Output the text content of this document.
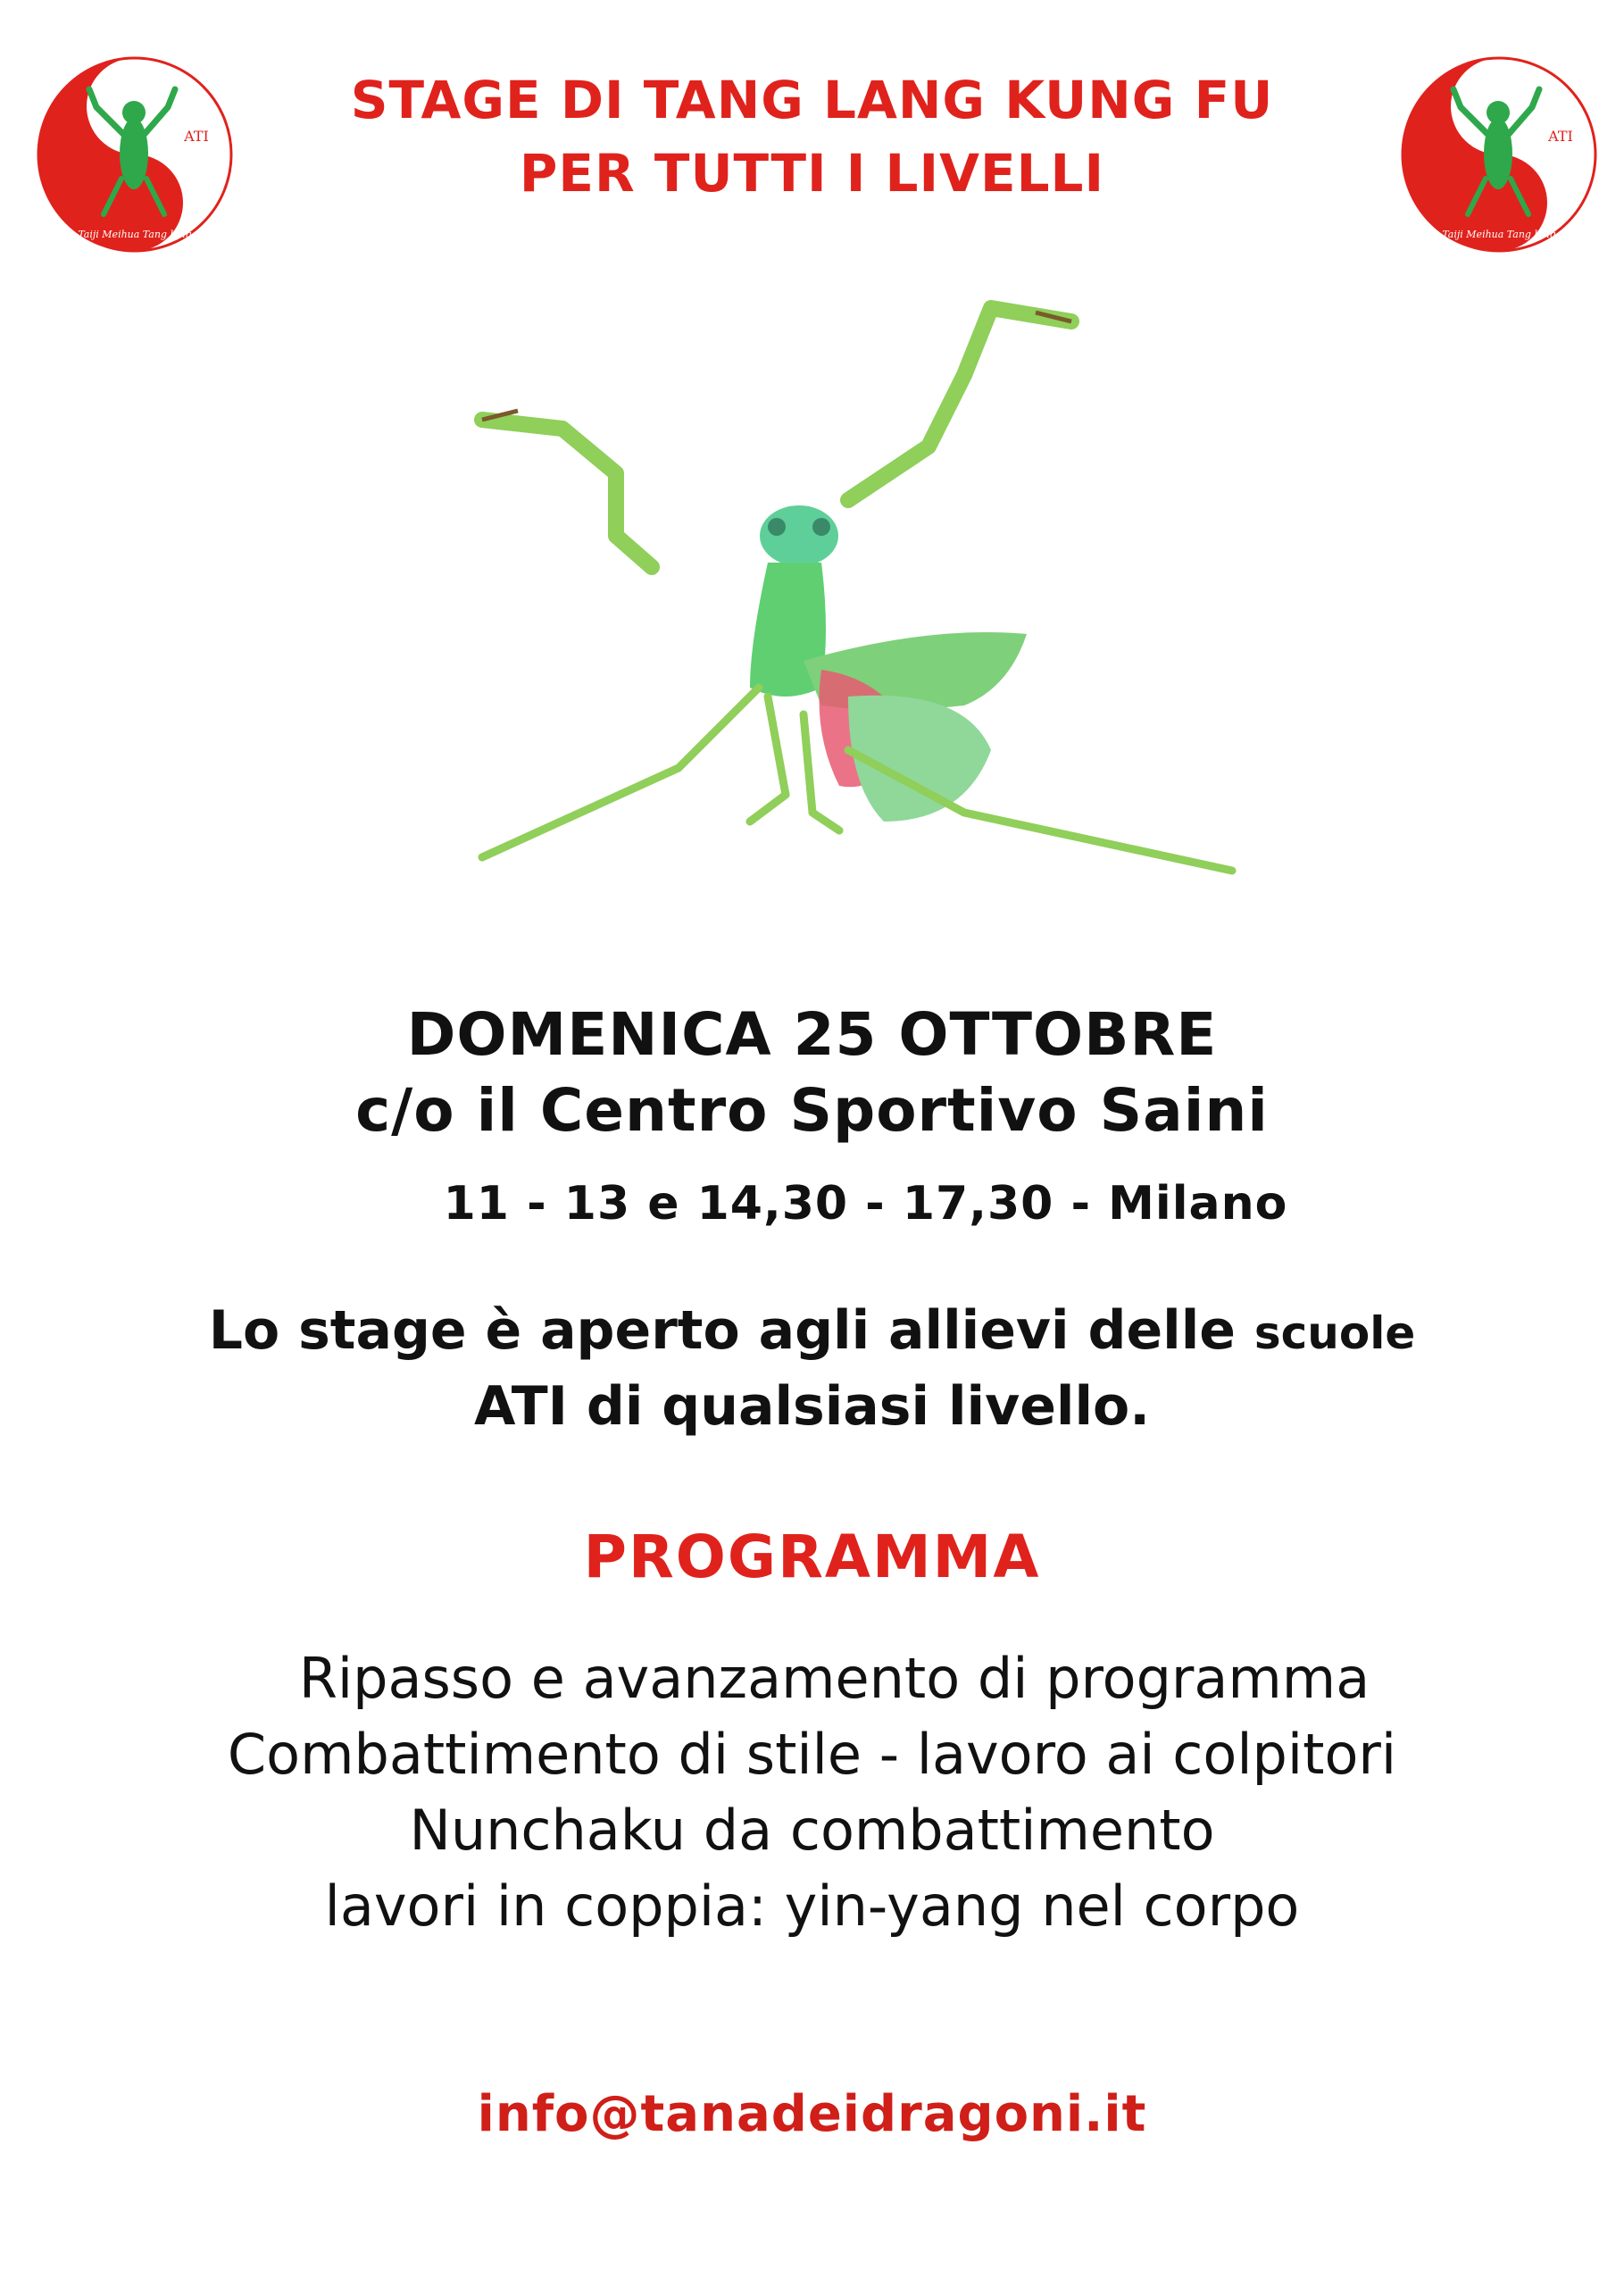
ATI
Taiji Meihua Tang lang
ATI
Taiji Meihua Tang lang
STAGE DI TANG LANG KUNG FU
PER TUTTI I LIVELLI
DOMENICA 25 OTTOBRE
c/o il Centro Sportivo Saini
11 - 13 e 14,30 - 17,30 - Milano
Lo stage è aperto agli allievi delle scuole
ATI di qualsiasi livello.
PROGRAMMA
Ripasso e avanzamento di programma
Combattimento di stile - lavoro ai colpitori
Nunchaku da combattimento
lavori in coppia: yin-yang nel corpo
info@tanadeidragoni.it
